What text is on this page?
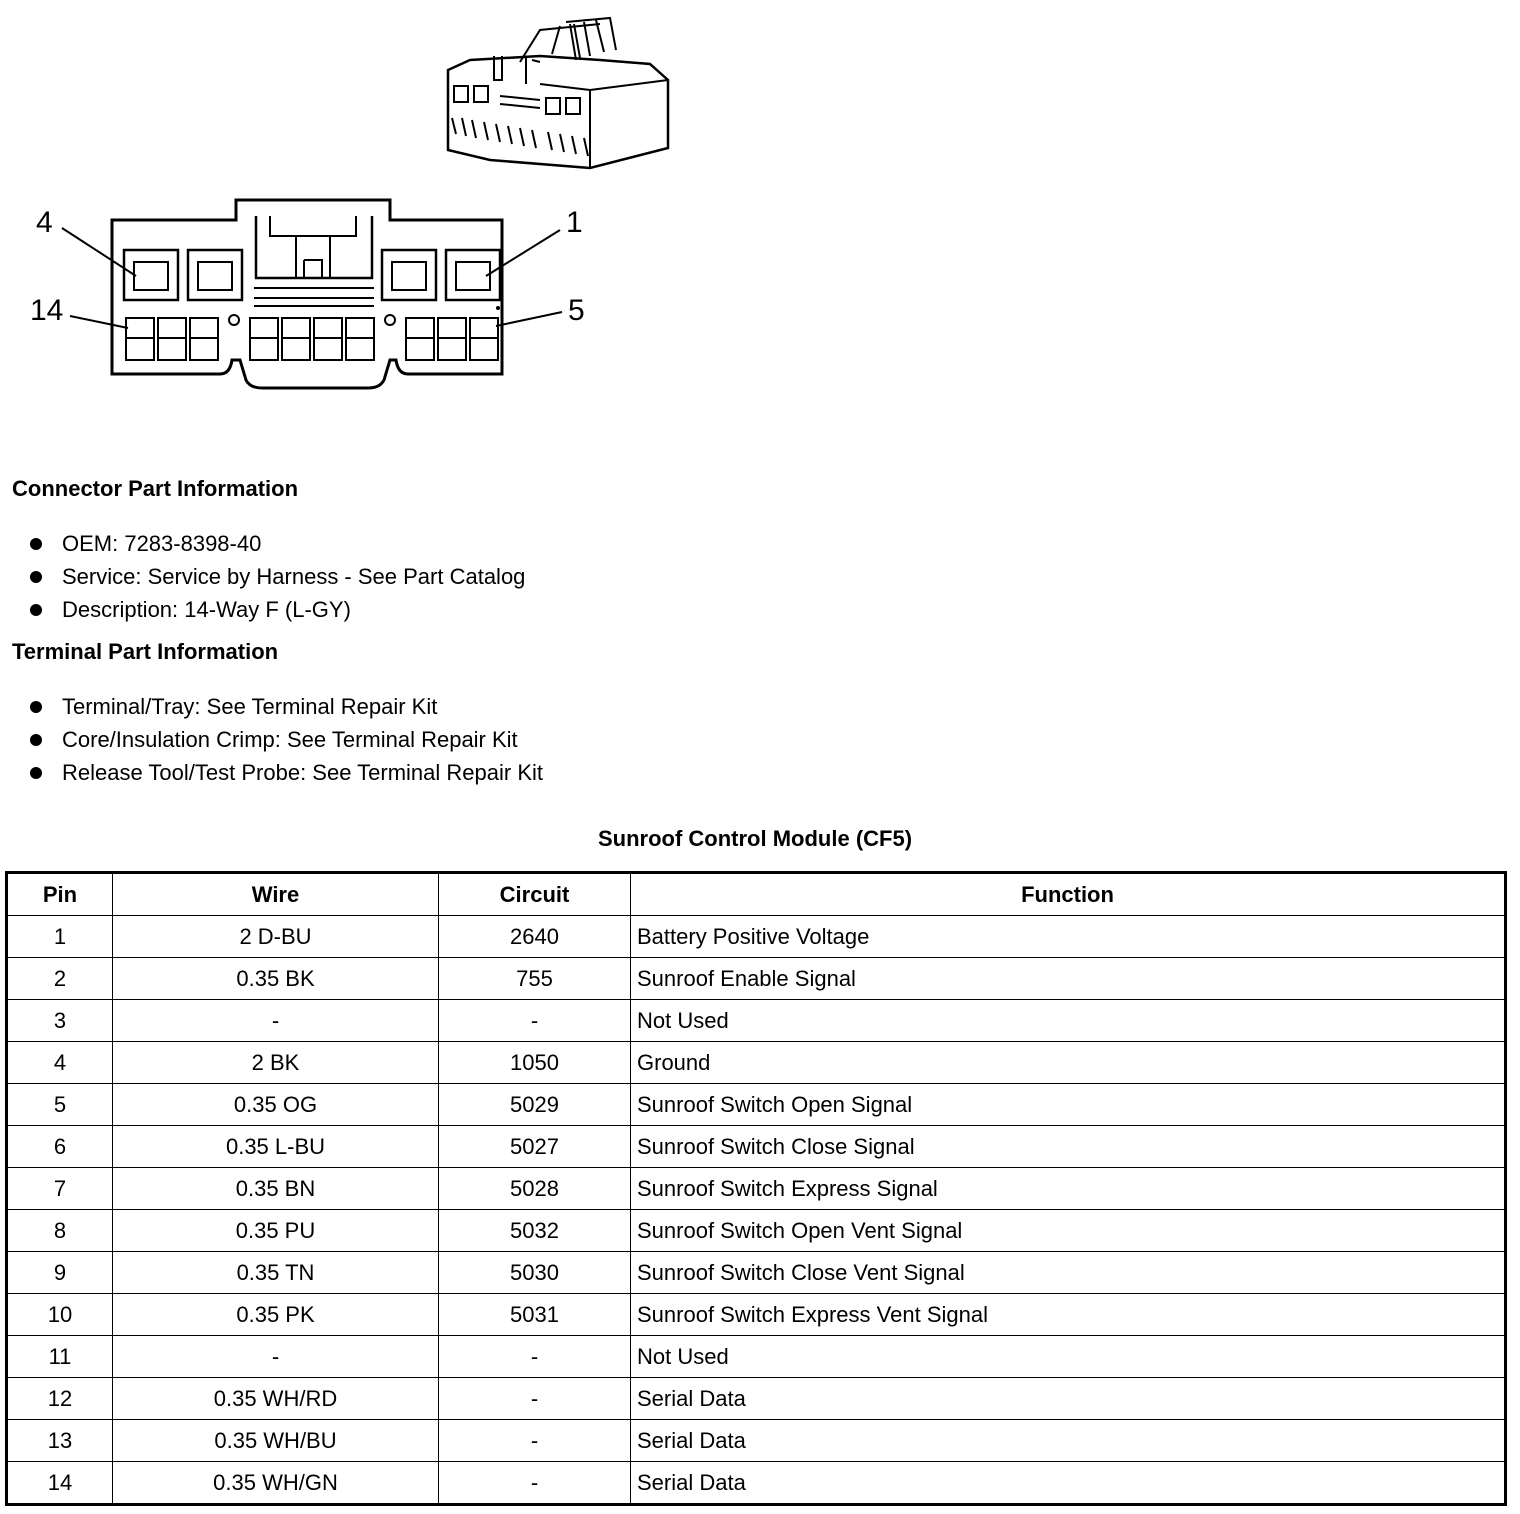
4	1
14	5
Connector Part Information
OEM: 7283-8398-40
Service: Service by Harness - See Part Catalog
Description: 14-Way F (L-GY)
Terminal Part Information
Terminal/Tray: See Terminal Repair Kit
Core/Insulation Crimp: See Terminal Repair Kit
Release Tool/Test Probe: See Terminal Repair Kit
Sunroof Control Module (CF5)
Pin	Wire	Circuit	Function
1	2 D-BU	2640	Battery Positive Voltage
2	0.35 BK	755	Sunroof Enable Signal
3	-	-	Not Used
4	2 BK	1050	Ground
5	0.35 OG	5029	Sunroof Switch Open Signal
6	0.35 L-BU	5027	Sunroof Switch Close Signal
7	0.35 BN	5028	Sunroof Switch Express Signal
8	0.35 PU	5032	Sunroof Switch Open Vent Signal
9	0.35 TN	5030	Sunroof Switch Close Vent Signal
10	0.35 PK	5031	Sunroof Switch Express Vent Signal
11	-	-	Not Used
12	0.35 WH/RD	-	Serial Data
13	0.35 WH/BU	-	Serial Data
14	0.35 WH/GN	-	Serial Data
